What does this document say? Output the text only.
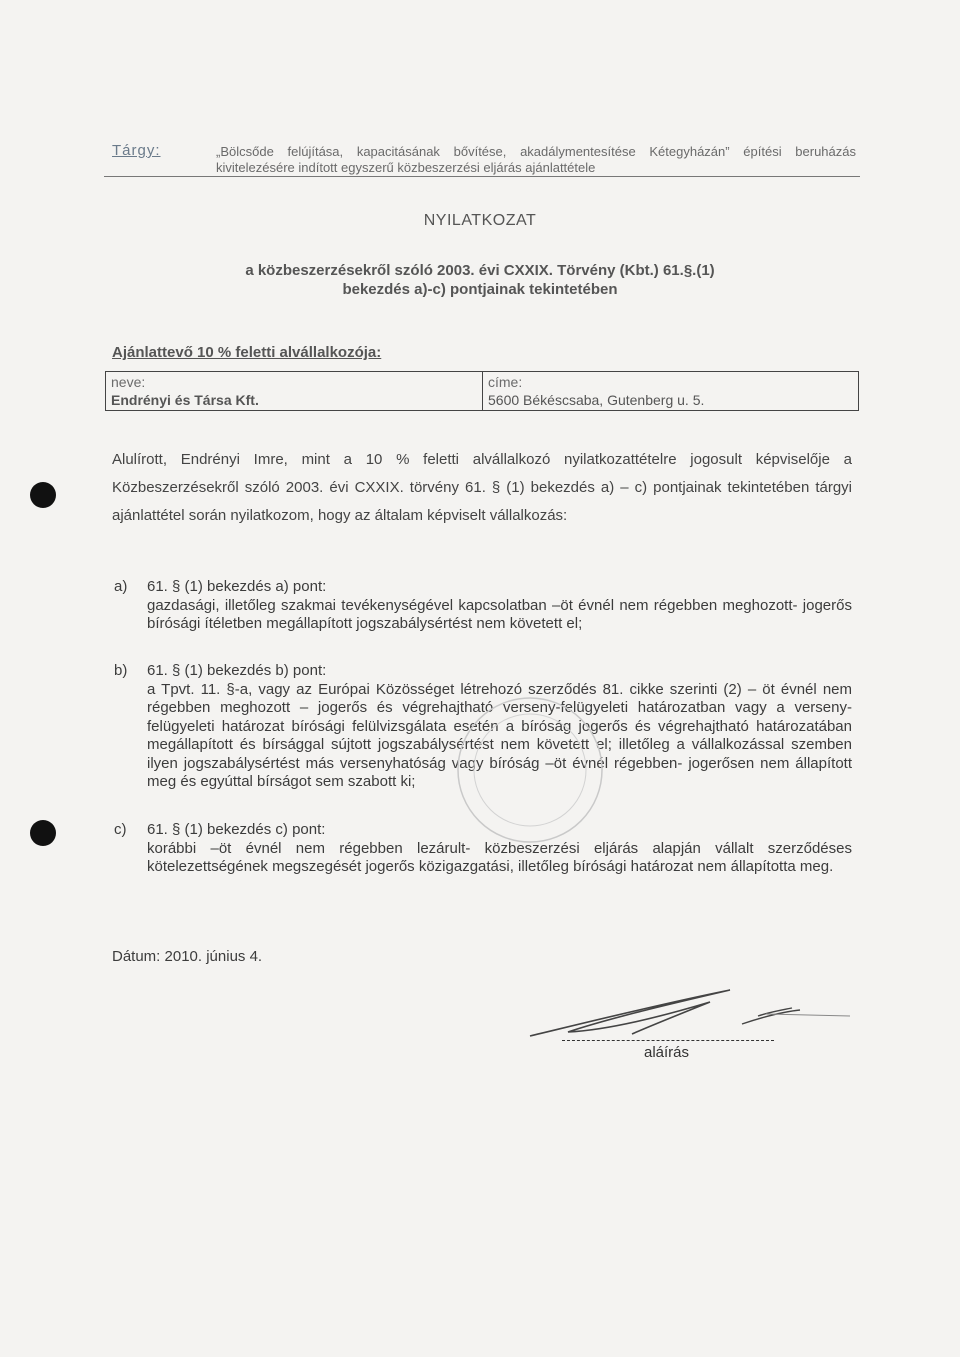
Tárgy:	„Bölcsőde felújítása, kapacitásának bővítése, akadálymentesítése Kétegyházán” építési beruházás kivitelezésére indított egyszerű közbeszerzési eljárás ajánlattétele
NYILATKOZAT
a közbeszerzésekről szóló 2003. évi CXXIX. Törvény (Kbt.) 61.§.(1)
bekezdés a)-c) pontjainak tekintetében
Ajánlattevő 10 % feletti alvállalkozója:
neve:
Endrényi és Társa Kft.
címe:
5600 Békéscsaba, Gutenberg u. 5.
Alulírott, Endrényi Imre, mint a 10 % feletti alvállalkozó nyilatkozattételre jogosult képviselője a Közbeszerzésekről szóló 2003. évi CXXIX. törvény 61. § (1) bekezdés a) – c) pontjainak tekintetében tárgyi ajánlattétel során nyilatkozom, hogy az általam képviselt vállalkozás:
a) 61. § (1) bekezdés a) pont:
gazdasági, illetőleg szakmai tevékenységével kapcsolatban –öt évnél nem régebben meghozott- jogerős bírósági ítéletben megállapított jogszabálysértést nem követett el;
b) 61. § (1) bekezdés b) pont:
a Tpvt. 11. §-a, vagy az Európai Közösséget létrehozó szerződés 81. cikke szerinti (2) – öt évnél nem régebben meghozott – jogerős és végrehajtható verseny-felügyeleti határozatban vagy a verseny-felügyeleti határozat bírósági felülvizsgálata esetén a bíróság jogerős és végrehajtható határozatában megállapított és bírsággal sújtott jogszabálysértést nem követett el; illetőleg a vállalkozással szemben ilyen jogszabálysértést más versenyhatóság vagy bíróság –öt évnél régebben- jogerősen nem állapított meg és egyúttal bírságot sem szabott ki;
c) 61. § (1) bekezdés c) pont:
korábbi –öt évnél nem régebben lezárult- közbeszerzési eljárás alapján vállalt szerződéses kötelezettségének megszegését jogerős közigazgatási, illetőleg bírósági határozat nem állapította meg.
Dátum: 2010. június 4.
aláírás
